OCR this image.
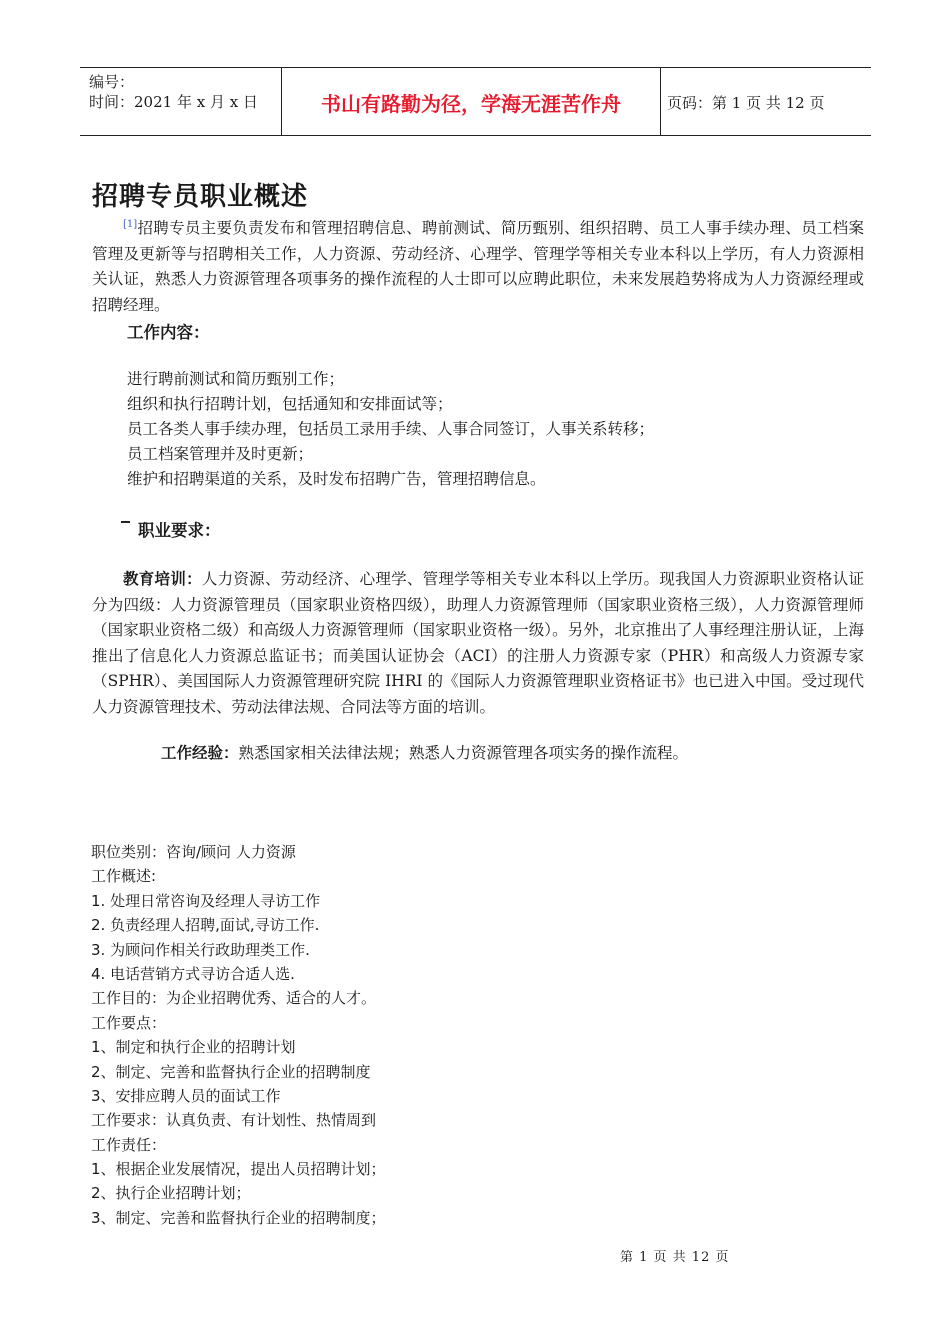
编号：
时间：2021 年 x 月 x 日	书山有路勤为径，学海无涯苦作舟	页码：第 1 页 共 12 页
招聘专员职业概述
[1]招聘专员主要负责发布和管理招聘信息、聘前测试、简历甄别、组织招聘、员工人事手续办理、员工档案管理及更新等与招聘相关工作，人力资源、劳动经济、心理学、管理学等相关专业本科以上学历，有人力资源相关认证，熟悉人力资源管理各项事务的操作流程的人士即可以应聘此职位，未来发展趋势将成为人力资源经理或招聘经理。
工作内容：
进行聘前测试和简历甄别工作；
组织和执行招聘计划，包括通知和安排面试等；
员工各类人事手续办理，包括员工录用手续、人事合同签订，人事关系转移；
员工档案管理并及时更新；
维护和招聘渠道的关系，及时发布招聘广告，管理招聘信息。
职业要求：
教育培训：人力资源、劳动经济、心理学、管理学等相关专业本科以上学历。现我国人力资源职业资格认证分为四级：人力资源管理员（国家职业资格四级），助理人力资源管理师（国家职业资格三级），人力资源管理师（国家职业资格二级）和高级人力资源管理师（国家职业资格一级）。另外，北京推出了人事经理注册认证，上海推出了信息化人力资源总监证书；而美国认证协会（ACI）的注册人力资源专家（PHR）和高级人力资源专家（SPHR）、美国国际人力资源管理研究院 IHRI 的《国际人力资源管理职业资格证书》也已进入中国。受过现代人力资源管理技术、劳动法律法规、合同法等方面的培训。
工作经验：熟悉国家相关法律法规；熟悉人力资源管理各项实务的操作流程。
职位类别：咨询/顾问 人力资源
工作概述:
1. 处理日常咨询及经理人寻访工作
2. 负责经理人招聘,面试,寻访工作.
3. 为顾问作相关行政助理类工作.
4. 电话营销方式寻访合适人选.
工作目的：为企业招聘优秀、适合的人才。
工作要点：
1、制定和执行企业的招聘计划
2、制定、完善和监督执行企业的招聘制度
3、安排应聘人员的面试工作
工作要求：认真负责、有计划性、热情周到
工作责任：
1、根据企业发展情况，提出人员招聘计划；
2、执行企业招聘计划；
3、制定、完善和监督执行企业的招聘制度；
第 1 页 共 12 页
